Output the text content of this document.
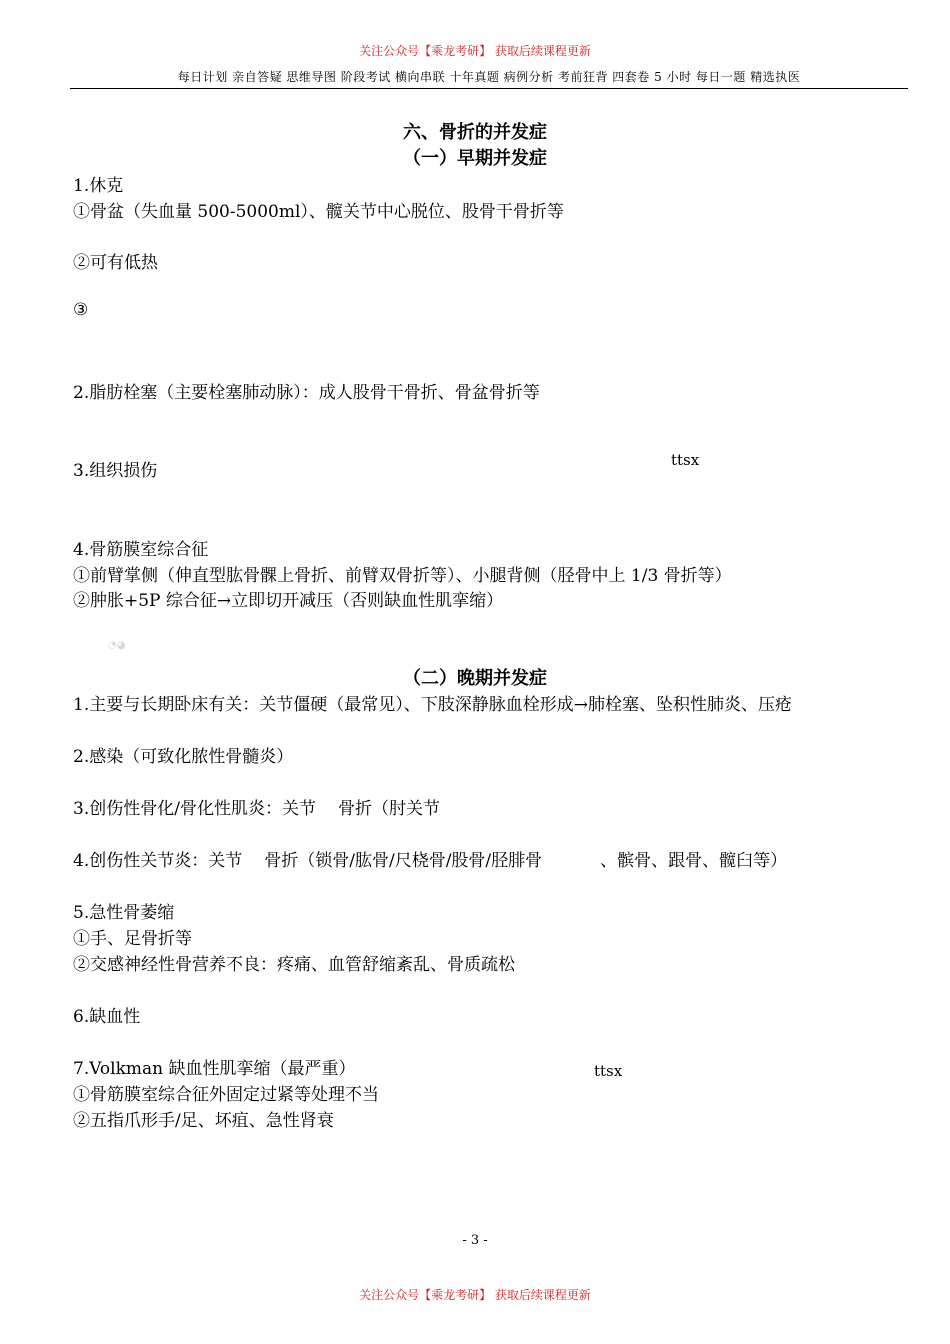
关注公众号【乘龙考研】 获取后续课程更新
每日计划 亲自答疑 思维导图 阶段考试 横向串联 十年真题 病例分析 考前狂背 四套卷 5 小时 每日一题 精选执医
六、骨折的并发症
（一）早期并发症
1.休克
①骨盆（失血量 500-5000ml）、髋关节中心脱位、股骨干骨折等
②可有低热
③
2.脂肪栓塞（主要栓塞肺动脉）：成人股骨干骨折、骨盆骨折等
3.组织损伤
ttsx
4.骨筋膜室综合征
①前臂掌侧（伸直型肱骨髁上骨折、前臂双骨折等）、小腿背侧（胫骨中上 1/3 骨折等）
②肿胀+5P 综合征→立即切开减压（否则缺血性肌挛缩）
◔◕
（二）晚期并发症
1.主要与长期卧床有关：关节僵硬（最常见）、下肢深静脉血栓形成→肺栓塞、坠积性肺炎、压疮
2.感染（可致化脓性骨髓炎）
3.创伤性骨化/骨化性肌炎：关节 骨折（肘关节
4.创伤性关节炎：关节 骨折（锁骨/肱骨/尺桡骨/股骨/胫腓骨	、髌骨、跟骨、髋臼等）
5.急性骨萎缩
①手、足骨折等
②交感神经性骨营养不良：疼痛、血管舒缩紊乱、骨质疏松
6.缺血性
7.Volkman 缺血性肌挛缩（最严重）	ttsx
①骨筋膜室综合征外固定过紧等处理不当
②五指爪形手/足、坏疽、急性肾衰
- 3 -
关注公众号【乘龙考研】 获取后续课程更新
